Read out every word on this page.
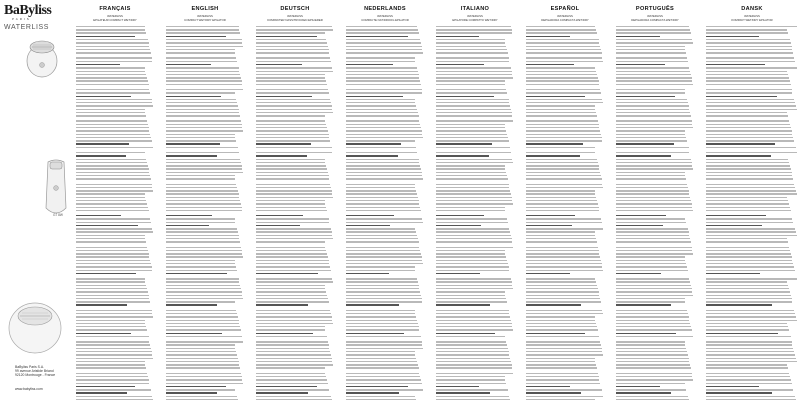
BaByliss
PARIS
WATERLISS
G7 8W
BaByliss Paris S.A.
99 avenue Aristide Briand
92120 Montrouge - France
www.babyliss.com
FRANÇAIS
WATERLISS
EPILATEUR COMPACT WET/DRY
ENGLISH
WATERLISS
COMPACT WET/DRY EPILATOR
DEUTSCH
WATERLISS
KOMPAKTER NASS/TROCKEN EPILIERER
NEDERLANDS
WATERLISS
COMPACTE NAT/DROOG EPILATOR
ITALIANO
WATERLISS
EPILATORE COMPATTO WET/DRY
ESPAÑOL
WATERLISS
DEPILADORA COMPACTA WET/DRY
PORTUGUÊS
WATERLISS
DEPILADORA COMPACTA WET/DRY
DANSK
WATERLISS
KOMPAKT WET/DRY EPILATOR
